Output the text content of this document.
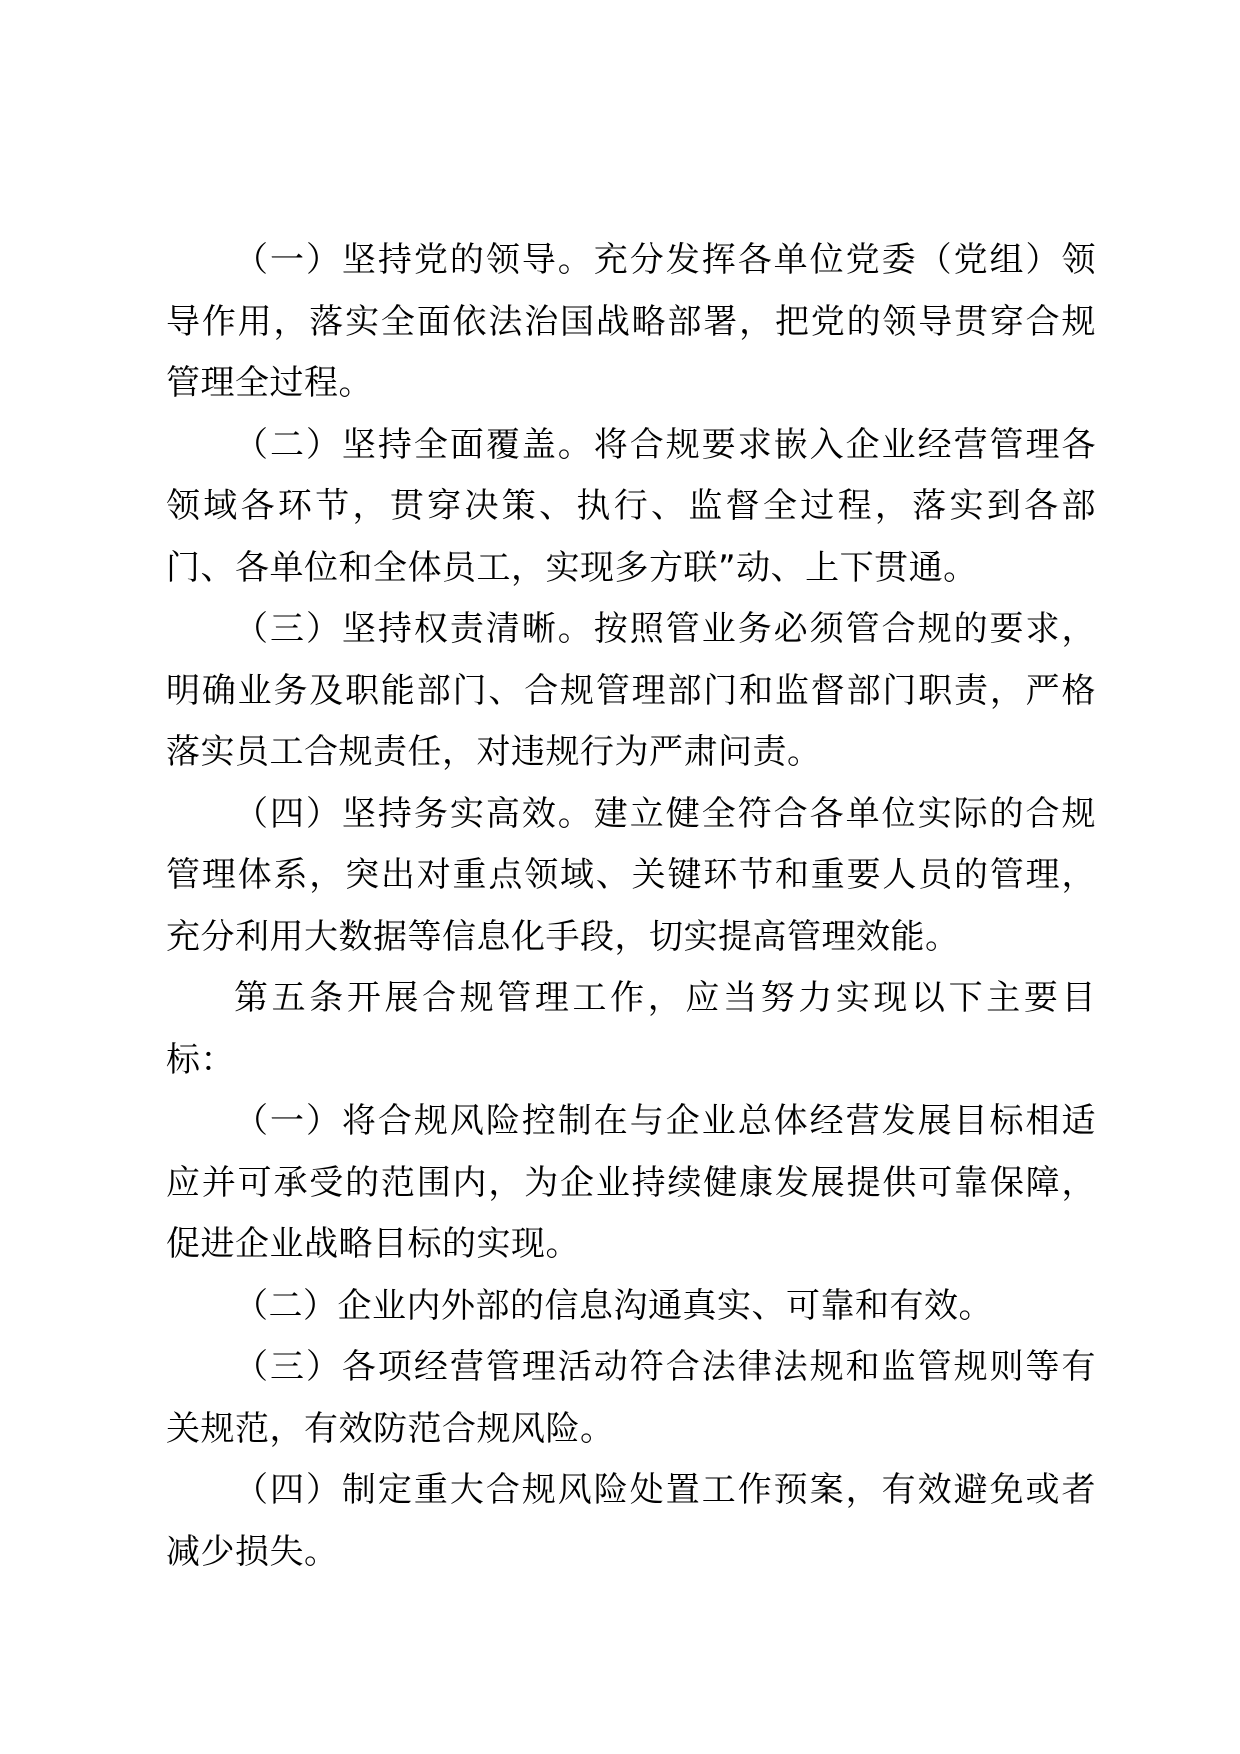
（一）坚持党的领导。充分发挥各单位党委（党组）领导作用，落实全面依法治国战略部署，把党的领导贯穿合规管理全过程。

（二）坚持全面覆盖。将合规要求嵌入企业经营管理各领域各环节，贯穿决策、执行、监督全过程，落实到各部门、各单位和全体员工，实现多方联”动、上下贯通。

（三）坚持权责清晰。按照管业务必须管合规的要求，明确业务及职能部门、合规管理部门和监督部门职责，严格落实员工合规责任，对违规行为严肃问责。

（四）坚持务实高效。建立健全符合各单位实际的合规管理体系，突出对重点领域、关键环节和重要人员的管理，充分利用大数据等信息化手段，切实提高管理效能。

第五条开展合规管理工作，应当努力实现以下主要目标：

（一）将合规风险控制在与企业总体经营发展目标相适应并可承受的范围内，为企业持续健康发展提供可靠保障，促进企业战略目标的实现。

（二）企业内外部的信息沟通真实、可靠和有效。

（三）各项经营管理活动符合法律法规和监管规则等有关规范，有效防范合规风险。

（四）制定重大合规风险处置工作预案，有效避免或者减少损失。
